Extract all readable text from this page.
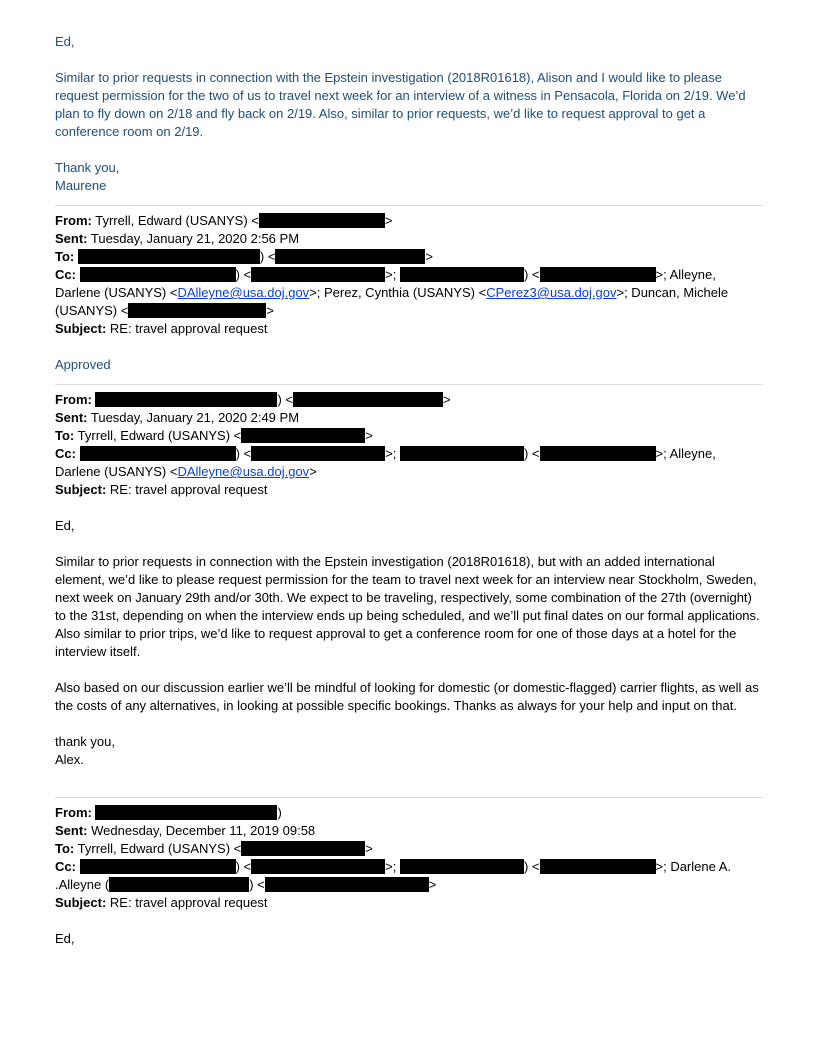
Ed,
Similar to prior requests in connection with the Epstein investigation (2018R01618), Alison and I would like to please request permission for the two of us to travel next week for an interview of a witness in Pensacola, Florida on 2/19. We’d plan to fly down on 2/18 and fly back on 2/19. Also, similar to prior requests, we’d like to request approval to get a conference room on 2/19.
Thank you,
Maurene
From: Tyrrell, Edward (USANYS) <	>
Sent: Tuesday, January 21, 2020 2:56 PM
To:	) <	>
Cc:	) <	>;	) <	>; Alleyne,
Darlene (USANYS) <DAlleyne@usa.doj.gov>; Perez, Cynthia (USANYS) <CPerez3@usa.doj.gov>; Duncan, Michele
(USANYS) <	>
Subject: RE: travel approval request
Approved
From:	) <	>
Sent: Tuesday, January 21, 2020 2:49 PM
To: Tyrrell, Edward (USANYS) <	>
Cc:	) <	>;	) <	>; Alleyne,
Darlene (USANYS) <DAlleyne@usa.doj.gov>
Subject: RE: travel approval request
Ed,
Similar to prior requests in connection with the Epstein investigation (2018R01618), but with an added international element, we’d like to please request permission for the team to travel next week for an interview near Stockholm, Sweden, next week on January 29th and/or 30th. We expect to be traveling, respectively, some combination of the 27th (overnight) to the 31st, depending on when the interview ends up being scheduled, and we’ll put final dates on our formal applications. Also similar to prior trips, we’d like to request approval to get a conference room for one of those days at a hotel for the interview itself.
Also based on our discussion earlier we’ll be mindful of looking for domestic (or domestic-flagged) carrier flights, as well as the costs of any alternatives, in looking at possible specific bookings. Thanks as always for your help and input on that.
thank you,
Alex.
From:	)
Sent: Wednesday, December 11, 2019 09:58
To: Tyrrell, Edward (USANYS) <	>
Cc:	) <	>;	) <	>; Darlene A.
.Alleyne (	) <	>
Subject: RE: travel approval request
Ed,
